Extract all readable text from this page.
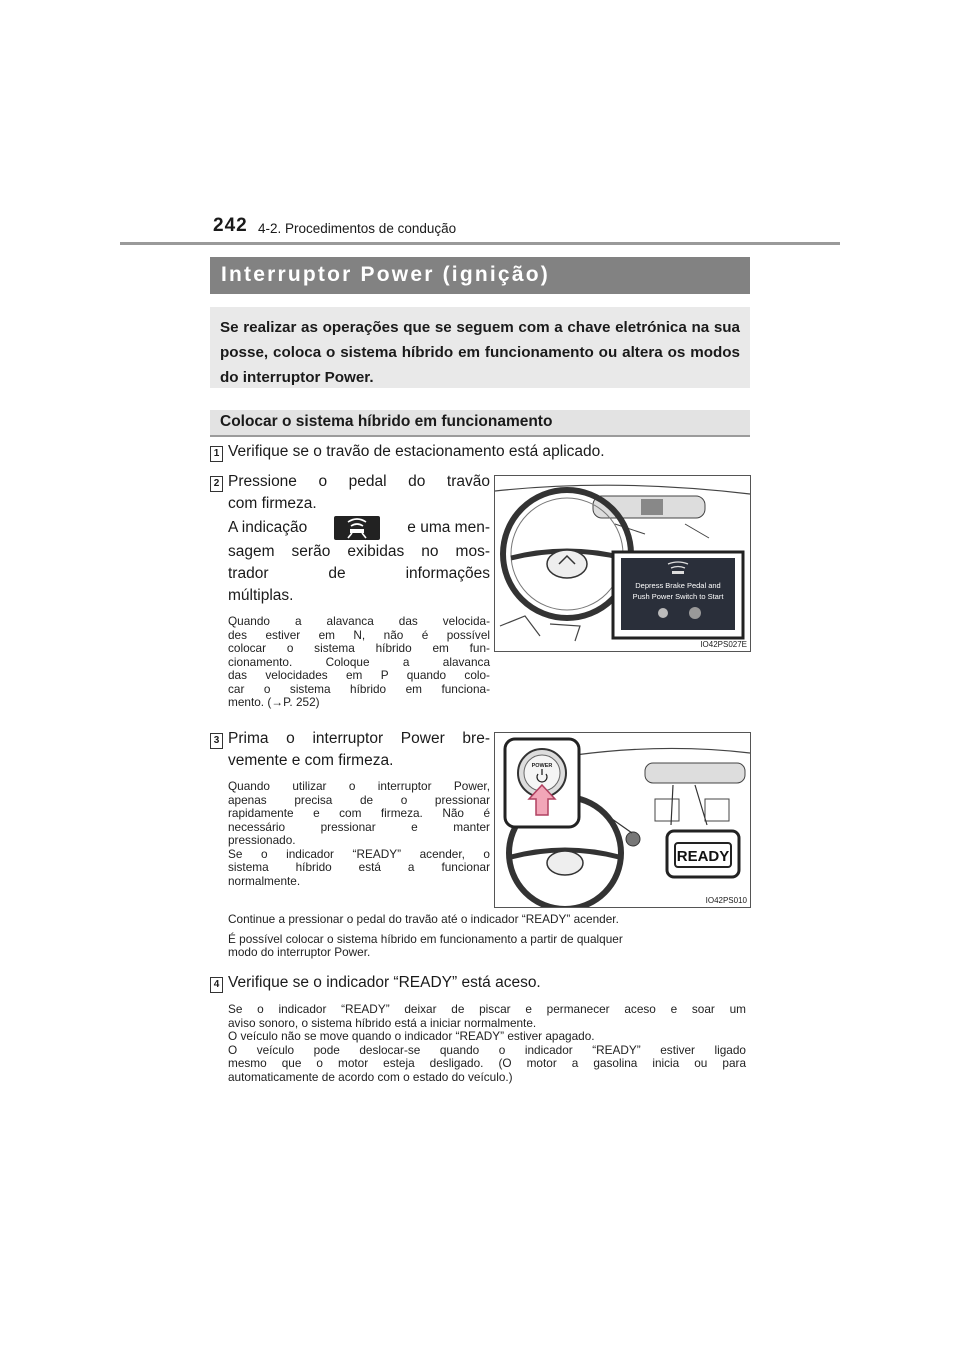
242 4-2. Procedimentos de condução
Interruptor Power (ignição)
Se realizar as operações que se seguem com a chave eletrónica na sua posse, coloca o sistema híbrido em funcionamento ou altera os modos do interruptor Power.
Colocar o sistema híbrido em funcionamento
1 Verifique se o travão de estacionamento está aplicado.
2 Pressione o pedal do travão
com firmeza.
A indicação	e uma men-
sagem serão exibidas no mos-
trador de informações
múltiplas.
Quando a alavanca das velocida-
des estiver em N, não é possível
colocar o sistema híbrido em fun-
cionamento. Coloque a alavanca
das velocidades em P quando colo-
car o sistema híbrido em funciona-
mento. (→P. 252)
Depress Brake Pedal and
Push Power Switch to Start
IO42PS027E
3 Prima o interruptor Power bre-
vemente e com firmeza.
Quando utilizar o interruptor Power,
apenas precisa de o pressionar
rapidamente e com firmeza. Não é
necessário pressionar e manter
pressionado.
Se o indicador “READY” acender, o
sistema híbrido está a funcionar
normalmente.
POWER
READY
IO42PS010
Continue a pressionar o pedal do travão até o indicador “READY” acender.
É possível colocar o sistema híbrido em funcionamento a partir de qualquer
modo do interruptor Power.
4 Verifique se o indicador “READY” está aceso.
Se o indicador “READY” deixar de piscar e permanecer aceso e soar um
aviso sonoro, o sistema híbrido está a iniciar normalmente.
O veículo não se move quando o indicador “READY” estiver apagado.
O veículo pode deslocar-se quando o indicador “READY” estiver ligado
mesmo que o motor esteja desligado. (O motor a gasolina inicia ou para
automaticamente de acordo com o estado do veículo.)
